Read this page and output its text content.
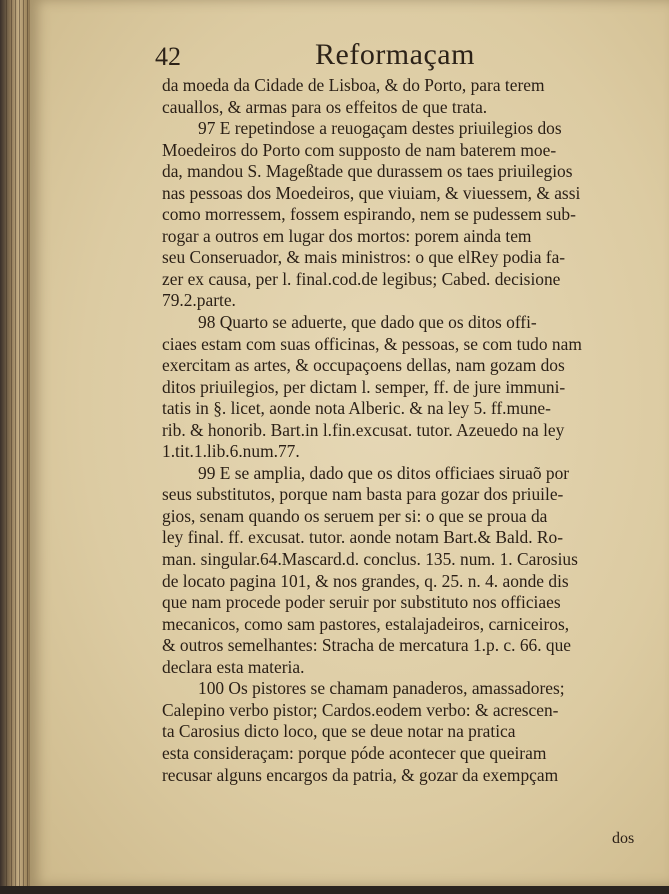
42	Reformaçam
da moeda da Cidade de Lisboa, & do Porto, para terem
cauallos, & armas para os effeitos de que trata.
97 E repetindose a reuogaçam destes priuilegios dos
Moedeiros do Porto com supposto de nam baterem moe-
da, mandou S. Mageßtade que durassem os taes priuilegios
nas pessoas dos Moedeiros, que viuiam, & viuessem, & assi
como morressem, fossem espirando, nem se pudessem sub-
rogar a outros em lugar dos mortos: porem ainda tem
seu Conseruador, & mais ministros: o que elRey podia fa-
zer ex causa, per l. final.cod.de legibus; Cabed. decisione
79.2.parte.
98 Quarto se aduerte, que dado que os ditos offi-
ciaes estam com suas officinas, & pessoas, se com tudo nam
exercitam as artes, & occupaçoens dellas, nam gozam dos
ditos priuilegios, per dictam l. semper, ff. de jure immuni-
tatis in §. licet, aonde nota Alberic. & na ley 5. ff.mune-
rib. & honorib. Bart.in l.fin.excusat. tutor. Azeuedo na ley
1.tit.1.lib.6.num.77.
99 E se amplia, dado que os ditos officiaes siruaõ por
seus substitutos, porque nam basta para gozar dos priuile-
gios, senam quando os seruem per si: o que se proua da
ley final. ff. excusat. tutor. aonde notam Bart.& Bald. Ro-
man. singular.64.Mascard.d. conclus. 135. num. 1. Carosius
de locato pagina 101, & nos grandes, q. 25. n. 4. aonde dis
que nam procede poder seruir por substituto nos officiaes
mecanicos, como sam pastores, estalajadeiros, carniceiros,
& outros semelhantes: Stracha de mercatura 1.p. c. 66. que
declara esta materia.
100 Os pistores se chamam panaderos, amassadores;
Calepino verbo pistor; Cardos.eodem verbo: & acrescen-
ta Carosius dicto loco, que se deue notar na pratica
esta consideraçam: porque póde acontecer que queiram
recusar alguns encargos da patria, & gozar da exempçam
dos
